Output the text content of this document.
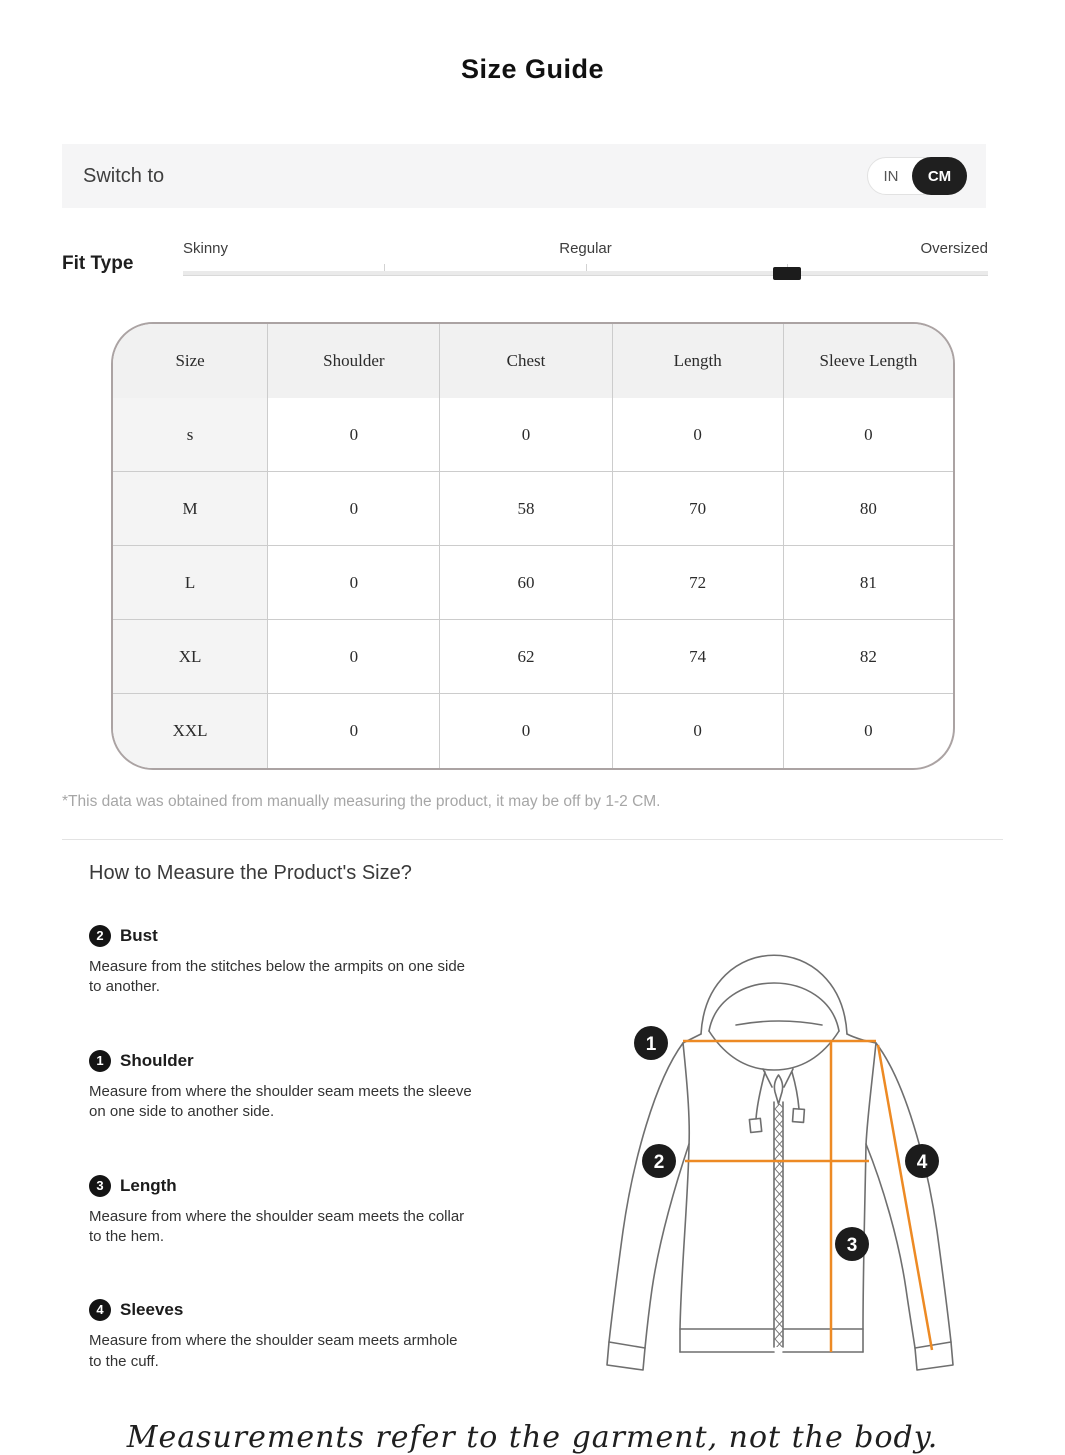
Size Guide
Switch to	IN	CM
Fit Type
Skinny	Regular	Oversized
Size	Shoulder	Chest	Length	Sleeve Length
s	0	0	0	0
M	0	58	70	80
L	0	60	72	81
XL	0	62	74	82
XXL	0	0	0	0

*This data was obtained from manually measuring the product, it may be off by 1-2 CM.

How to Measure the Product's Size?
2 Bust

Measure from the stitches below the armpits on one side to another.

1 Shoulder

Measure from where the shoulder seam meets the sleeve on one side to another side.

3 Length

Measure from where the shoulder seam meets the collar to the hem.

4 Sleeves

Measure from where the shoulder seam meets armhole to the cuff.

1
2
3
4

Measurements refer to the garment, not the body.
